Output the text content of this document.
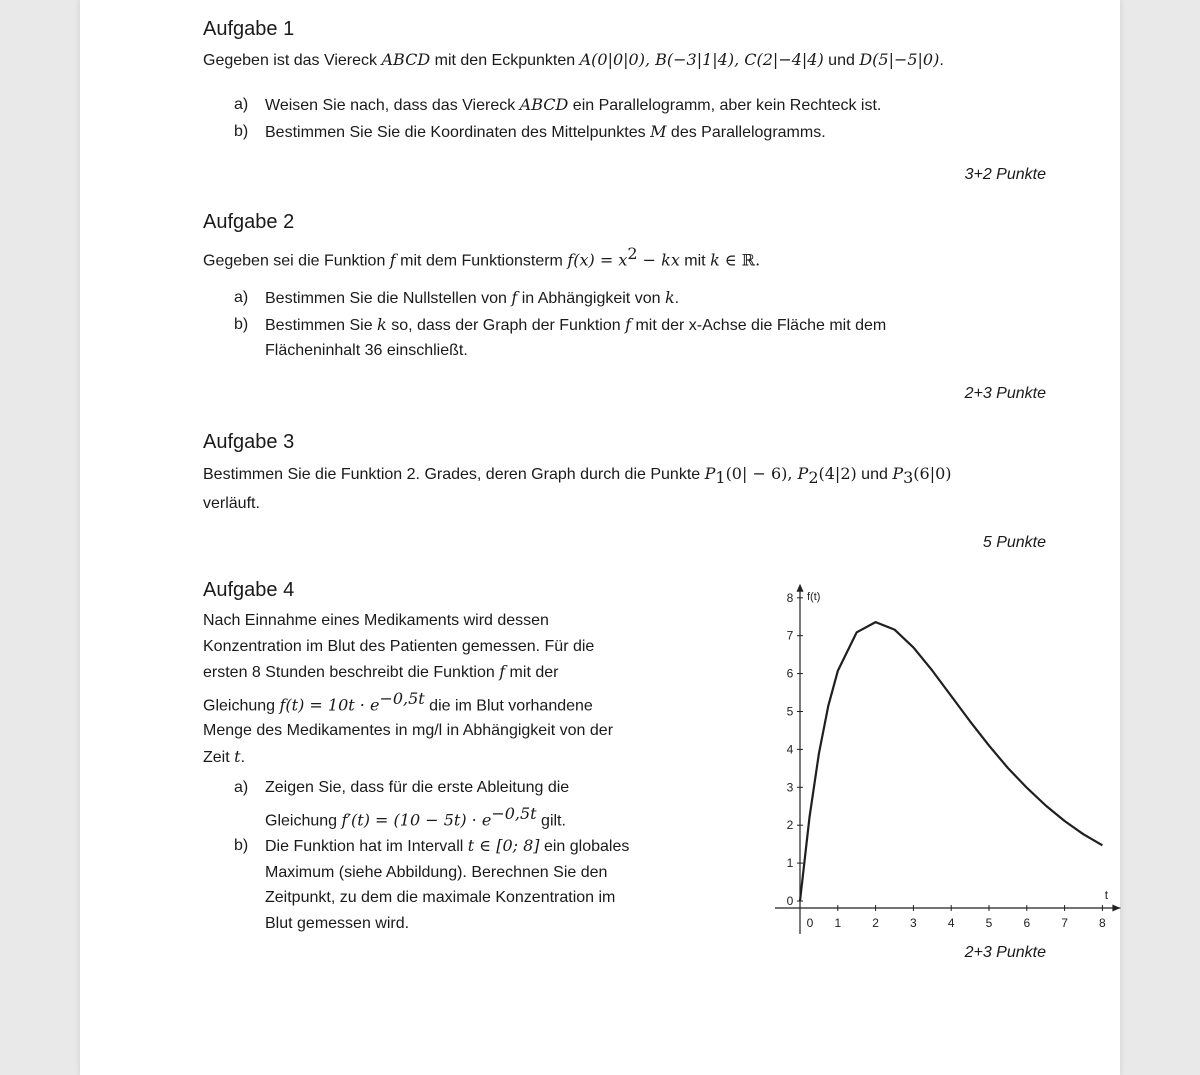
Aufgabe 1

Gegeben ist das Viereck ABCD mit den Eckpunkten A(0|0|0), B(−3|1|4), C(2|−4|4) und D(5|−5|0).

a) Weisen Sie nach, dass das Viereck ABCD ein Parallelogramm, aber kein Rechteck ist.
b) Bestimmen Sie Sie die Koordinaten des Mittelpunktes M des Parallelogramms.
3+2 Punkte
Aufgabe 2

Gegeben sei die Funktion f mit dem Funktionsterm $f(x) = x^2$ − kx mit k ∈ ℝ.

a) Bestimmen Sie die Nullstellen von f in Abhängigkeit von k.
b) Bestimmen Sie k so, dass der Graph der Funktion f mit der x-Achse die Fläche mit dem
Flächeninhalt 36 einschließt.
2+3 Punkte
Aufgabe 3

Bestimmen Sie die Funktion 2. Grades, deren Graph durch die Punkte $P_1(0| - 6)$, $P_2(4|2)$ und $P_3(6|0)$
verläuft.

5 Punkte
Aufgabe 4

Nach Einnahme eines Medikaments wird dessen
Konzentration im Blut des Patienten gemessen. Für die
ersten 8 Stunden beschreibt die Funktion f mit der
Gleichung $f(t) = 10t \cdot e^{-0,5t}$ die im Blut vorhandene
Menge des Medikamentes in mg/l in Abhängigkeit von der
Zeit t.

a) Zeigen Sie, dass für die erste Ableitung die
Gleichung $f'(t) = (10 - 5t) \cdot e^{-0,5t}$ gilt.
b) Die Funktion hat im Intervall t ∈ [0; 8] ein globales
Maximum (siehe Abbildung). Berechnen Sie den
Zeitpunkt, zu dem die maximale Konzentration im
Blut gemessen wird.	0 1	2	3	4	5	6	7	8
0
1
2
3
4
5
6
7
8 f(t)
t
2+3 Punkte
